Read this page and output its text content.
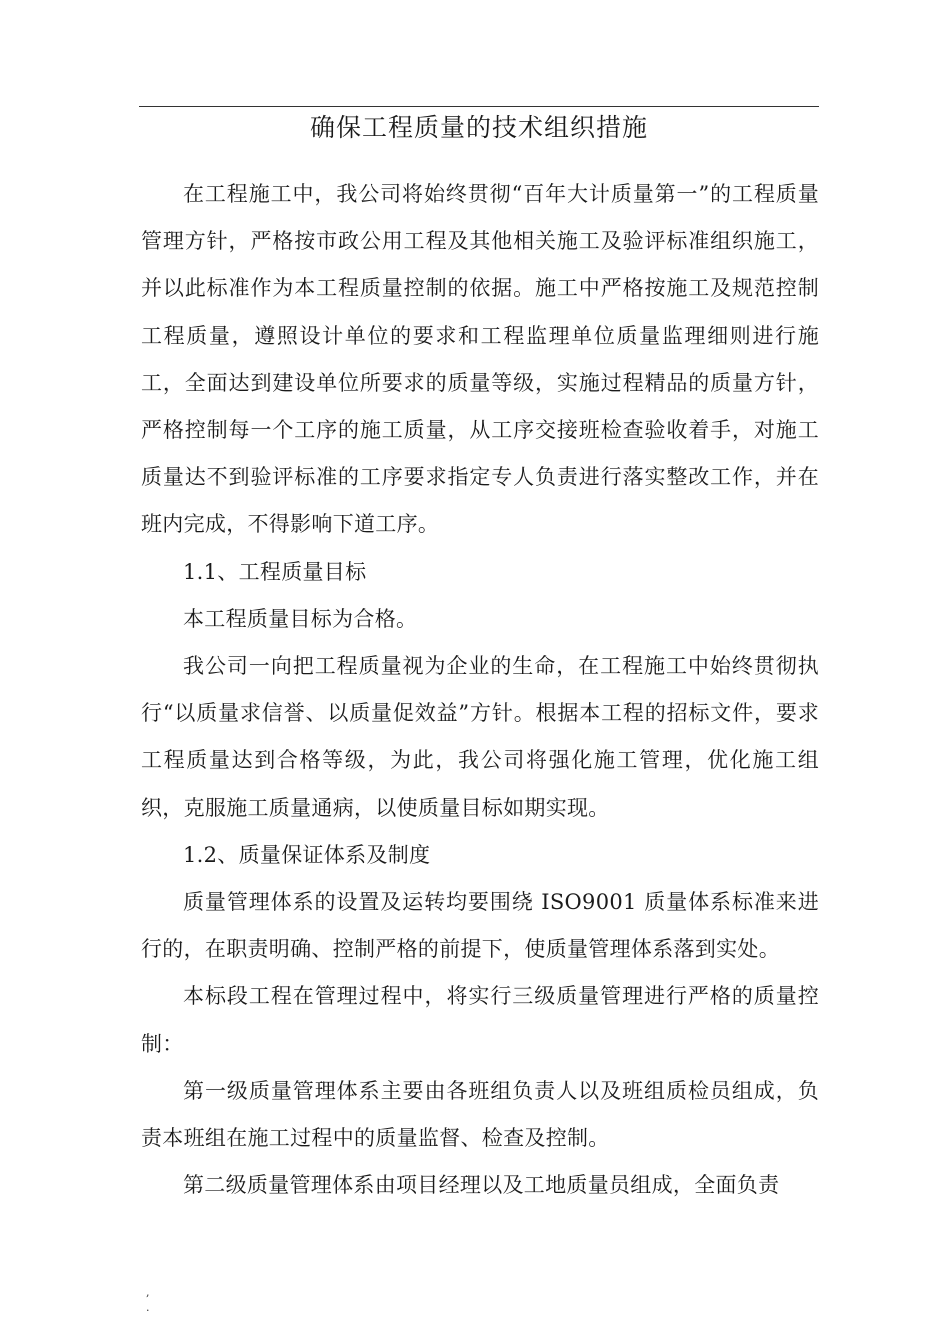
确保工程质量的技术组织措施

在工程施工中，我公司将始终贯彻“百年大计质量第一”的工程质量管理方针，严格按市政公用工程及其他相关施工及验评标准组织施工，并以此标准作为本工程质量控制的依据。施工中严格按施工及规范控制工程质量，遵照设计单位的要求和工程监理单位质量监理细则进行施工，全面达到建设单位所要求的质量等级，实施过程精品的质量方针，严格控制每一个工序的施工质量，从工序交接班检查验收着手，对施工质量达不到验评标准的工序要求指定专人负责进行落实整改工作，并在班内完成，不得影响下道工序。

1.1、工程质量目标

本工程质量目标为合格。

我公司一向把工程质量视为企业的生命，在工程施工中始终贯彻执行“以质量求信誉、以质量促效益”方针。根据本工程的招标文件，要求工程质量达到合格等级，为此，我公司将强化施工管理，优化施工组织，克服施工质量通病，以使质量目标如期实现。

1.2、质量保证体系及制度

质量管理体系的设置及运转均要围绕 ISO9001 质量体系标准来进行的，在职责明确、控制严格的前提下，使质量管理体系落到实处。

本标段工程在管理过程中，将实行三级质量管理进行严格的质量控制：

第一级质量管理体系主要由各班组负责人以及班组质检员组成，负责本班组在施工过程中的质量监督、检查及控制。

第二级质量管理体系由项目经理以及工地质量员组成，全面负责

,
.
